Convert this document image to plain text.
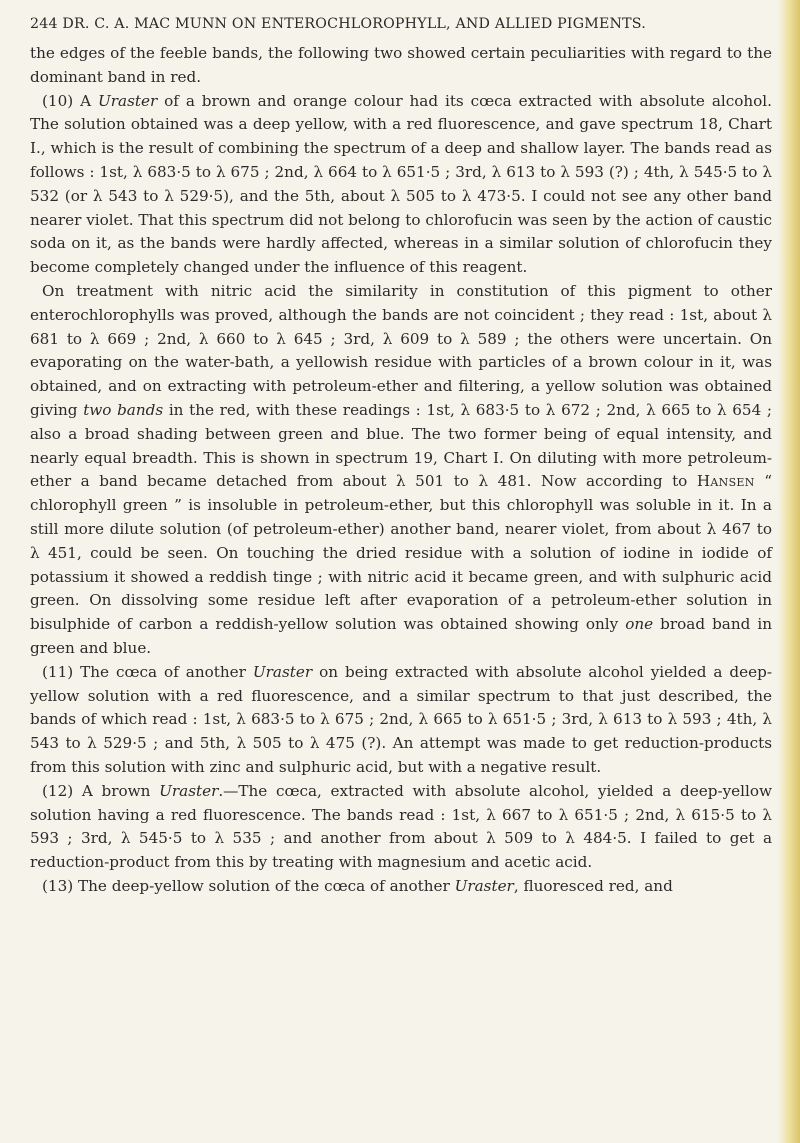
244 DR. C. A. MAC MUNN ON ENTEROCHLOROPHYLL, AND ALLIED PIGMENTS.

the edges of the feeble bands, the following two showed certain peculiarities with regard to the dominant band in red.

(10) A Uraster of a brown and orange colour had its cœca extracted with absolute alcohol. The solution obtained was a deep yellow, with a red fluorescence, and gave spectrum 18, Chart I., which is the result of combining the spectrum of a deep and shallow layer. The bands read as follows : 1st, λ 683·5 to λ 675 ; 2nd, λ 664 to λ 651·5 ; 3rd, λ 613 to λ 593 (?) ; 4th, λ 545·5 to λ 532 (or λ 543 to λ 529·5), and the 5th, about λ 505 to λ 473·5. I could not see any other band nearer violet. That this spectrum did not belong to chlorofucin was seen by the action of caustic soda on it, as the bands were hardly affected, whereas in a similar solution of chlorofucin they become completely changed under the influence of this reagent.

On treatment with nitric acid the similarity in constitution of this pigment to other enterochlorophylls was proved, although the bands are not coincident ; they read : 1st, about λ 681 to λ 669 ; 2nd, λ 660 to λ 645 ; 3rd, λ 609 to λ 589 ; the others were uncertain. On evaporating on the water-bath, a yellowish residue with particles of a brown colour in it, was obtained, and on extracting with petroleum-ether and filtering, a yellow solution was obtained giving two bands in the red, with these readings : 1st, λ 683·5 to λ 672 ; 2nd, λ 665 to λ 654 ; also a broad shading between green and blue. The two former being of equal intensity, and nearly equal breadth. This is shown in spectrum 19, Chart I. On diluting with more petroleum-ether a band became detached from about λ 501 to λ 481. Now according to Hansen “ chlorophyll green ” is insoluble in petroleum-ether, but this chlorophyll was soluble in it. In a still more dilute solution (of petroleum-ether) another band, nearer violet, from about λ 467 to λ 451, could be seen. On touching the dried residue with a solution of iodine in iodide of potassium it showed a reddish tinge ; with nitric acid it became green, and with sulphuric acid green. On dissolving some residue left after evaporation of a petroleum-ether solution in bisulphide of carbon a reddish-yellow solution was obtained showing only one broad band in green and blue.

(11) The cœca of another Uraster on being extracted with absolute alcohol yielded a deep-yellow solution with a red fluorescence, and a similar spectrum to that just described, the bands of which read : 1st, λ 683·5 to λ 675 ; 2nd, λ 665 to λ 651·5 ; 3rd, λ 613 to λ 593 ; 4th, λ 543 to λ 529·5 ; and 5th, λ 505 to λ 475 (?). An attempt was made to get reduction-products from this solution with zinc and sulphuric acid, but with a negative result.

(12) A brown Uraster.—The cœca, extracted with absolute alcohol, yielded a deep-yellow solution having a red fluorescence. The bands read : 1st, λ 667 to λ 651·5 ; 2nd, λ 615·5 to λ 593 ; 3rd, λ 545·5 to λ 535 ; and another from about λ 509 to λ 484·5. I failed to get a reduction-product from this by treating with magnesium and acetic acid.

(13) The deep-yellow solution of the cœca of another Uraster, fluoresced red, and
